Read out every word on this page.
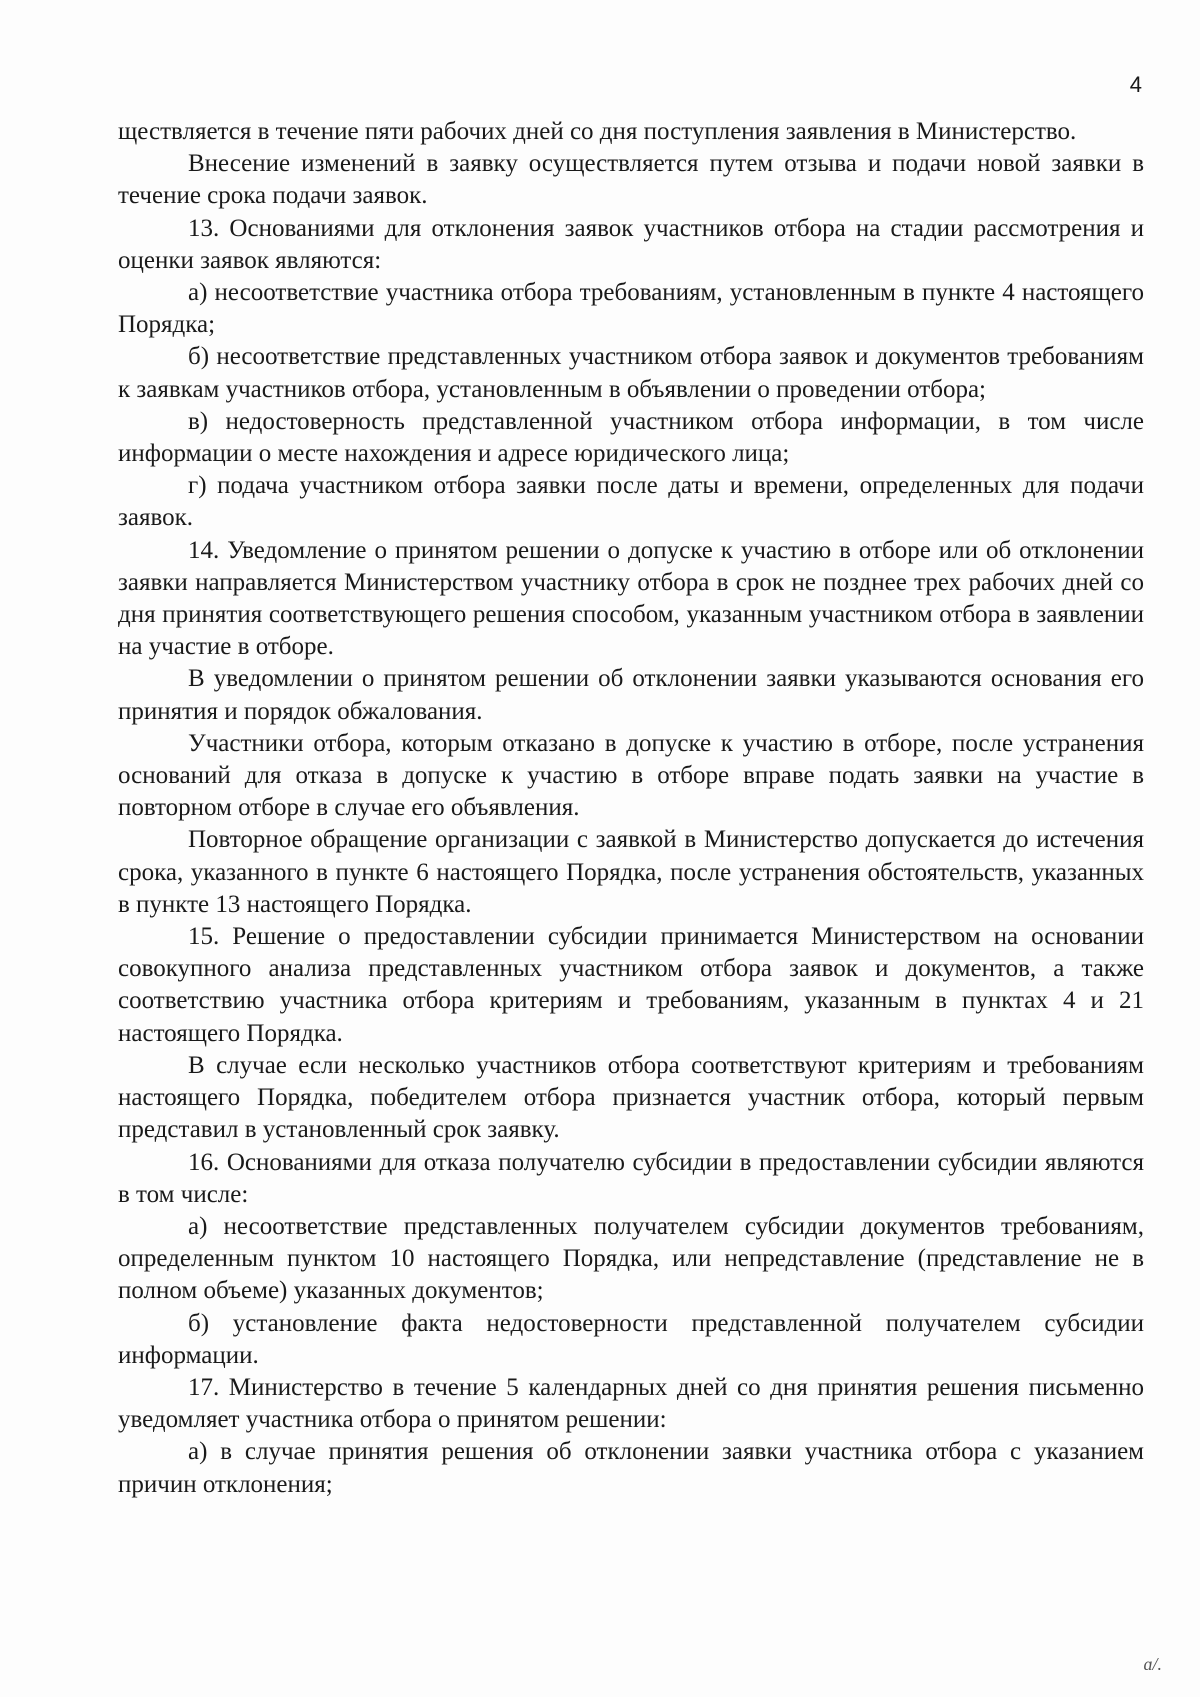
4

ществляется в течение пяти рабочих дней со дня поступления заявления в Министерство.

Внесение изменений в заявку осуществляется путем отзыва и подачи новой заявки в течение срока подачи заявок.

13. Основаниями для отклонения заявок участников отбора на стадии рассмотрения и оценки заявок являются:

а) несоответствие участника отбора требованиям, установленным в пункте 4 настоящего Порядка;

б) несоответствие представленных участником отбора заявок и документов требованиям к заявкам участников отбора, установленным в объявлении о проведении отбора;

в) недостоверность представленной участником отбора информации, в том числе информации о месте нахождения и адресе юридического лица;

г) подача участником отбора заявки после даты и времени, определенных для подачи заявок.

14. Уведомление о принятом решении о допуске к участию в отборе или об отклонении заявки направляется Министерством участнику отбора в срок не позднее трех рабочих дней со дня принятия соответствующего решения способом, указанным участником отбора в заявлении на участие в отборе.

В уведомлении о принятом решении об отклонении заявки указываются основания его принятия и порядок обжалования.

Участники отбора, которым отказано в допуске к участию в отборе, после устранения оснований для отказа в допуске к участию в отборе вправе подать заявки на участие в повторном отборе в случае его объявления.

Повторное обращение организации с заявкой в Министерство допускается до истечения срока, указанного в пункте 6 настоящего Порядка, после устранения обстоятельств, указанных в пункте 13 настоящего Порядка.

15. Решение о предоставлении субсидии принимается Министерством на основании совокупного анализа представленных участником отбора заявок и документов, а также соответствию участника отбора критериям и требованиям, указанным в пунктах 4 и 21 настоящего Порядка.

В случае если несколько участников отбора соответствуют критериям и требованиям настоящего Порядка, победителем отбора признается участник отбора, который первым представил в установленный срок заявку.

16. Основаниями для отказа получателю субсидии в предоставлении субсидии являются в том числе:

а) несоответствие представленных получателем субсидии документов требованиям, определенным пунктом 10 настоящего Порядка, или непредставление (представление не в полном объеме) указанных документов;

б) установление факта недостоверности представленной получателем субсидии информации.

17. Министерство в течение 5 календарных дней со дня принятия решения письменно уведомляет участника отбора о принятом решении:

а) в случае принятия решения об отклонении заявки участника отбора с указанием причин отклонения;

ɑ/.
